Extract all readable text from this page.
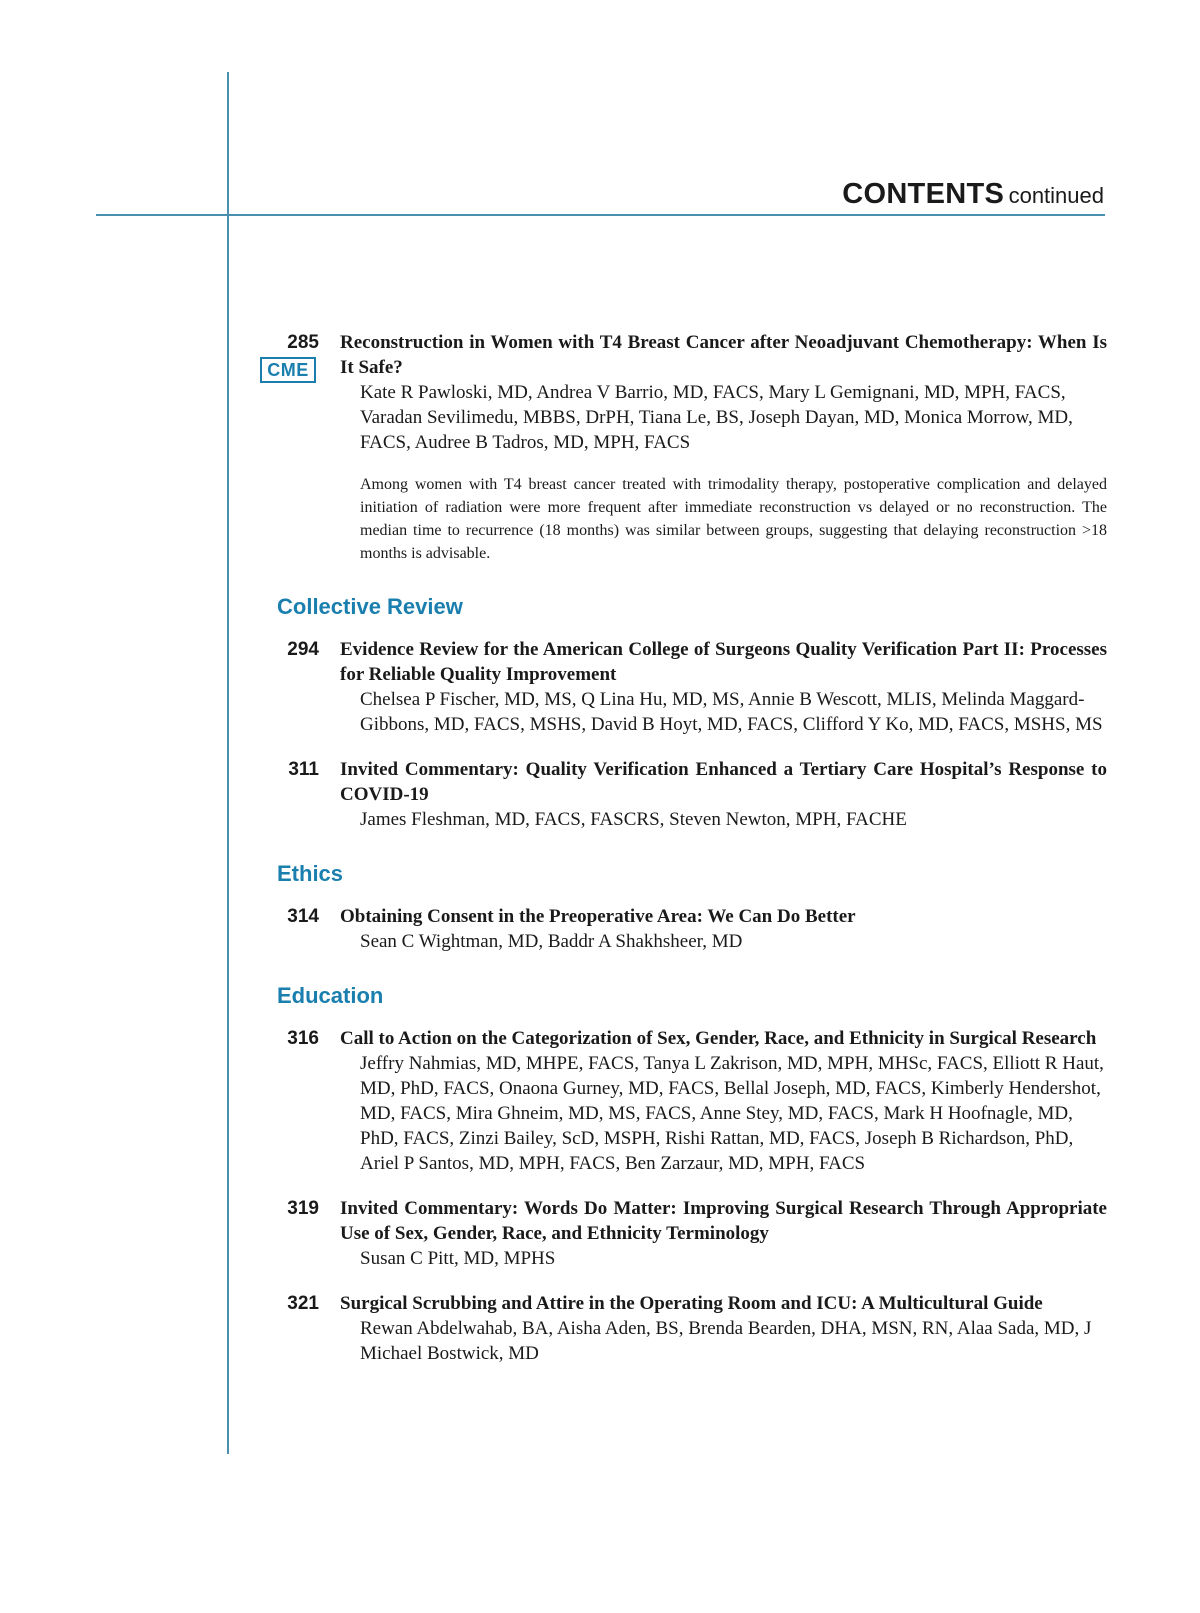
CONTENTS continued
285
CME
Reconstruction in Women with T4 Breast Cancer after Neoadjuvant Chemotherapy: When Is It Safe?
Kate R Pawloski, MD, Andrea V Barrio, MD, FACS, Mary L Gemignani, MD, MPH, FACS, Varadan Sevilimedu, MBBS, DrPH, Tiana Le, BS, Joseph Dayan, MD, Monica Morrow, MD, FACS, Audree B Tadros, MD, MPH, FACS
Among women with T4 breast cancer treated with trimodality therapy, postoperative complication and delayed initiation of radiation were more frequent after immediate reconstruction vs delayed or no reconstruction. The median time to recurrence (18 months) was similar between groups, suggesting that delaying reconstruction >18 months is advisable.
Collective Review
294 Evidence Review for the American College of Surgeons Quality Verification Part II: Processes for Reliable Quality Improvement
Chelsea P Fischer, MD, MS, Q Lina Hu, MD, MS, Annie B Wescott, MLIS, Melinda Maggard-Gibbons, MD, FACS, MSHS, David B Hoyt, MD, FACS, Clifford Y Ko, MD, FACS, MSHS, MS
311 Invited Commentary: Quality Verification Enhanced a Tertiary Care Hospital’s Response to COVID-19
James Fleshman, MD, FACS, FASCRS, Steven Newton, MPH, FACHE
Ethics
314 Obtaining Consent in the Preoperative Area: We Can Do Better
Sean C Wightman, MD, Baddr A Shakhsheer, MD
Education
316 Call to Action on the Categorization of Sex, Gender, Race, and Ethnicity in Surgical Research
Jeffry Nahmias, MD, MHPE, FACS, Tanya L Zakrison, MD, MPH, MHSc, FACS, Elliott R Haut, MD, PhD, FACS, Onaona Gurney, MD, FACS, Bellal Joseph, MD, FACS, Kimberly Hendershot, MD, FACS, Mira Ghneim, MD, MS, FACS, Anne Stey, MD, FACS, Mark H Hoofnagle, MD, PhD, FACS, Zinzi Bailey, ScD, MSPH, Rishi Rattan, MD, FACS, Joseph B Richardson, PhD, Ariel P Santos, MD, MPH, FACS, Ben Zarzaur, MD, MPH, FACS
319 Invited Commentary: Words Do Matter: Improving Surgical Research Through Appropriate Use of Sex, Gender, Race, and Ethnicity Terminology
Susan C Pitt, MD, MPHS
321 Surgical Scrubbing and Attire in the Operating Room and ICU: A Multicultural Guide
Rewan Abdelwahab, BA, Aisha Aden, BS, Brenda Bearden, DHA, MSN, RN, Alaa Sada, MD, J Michael Bostwick, MD
